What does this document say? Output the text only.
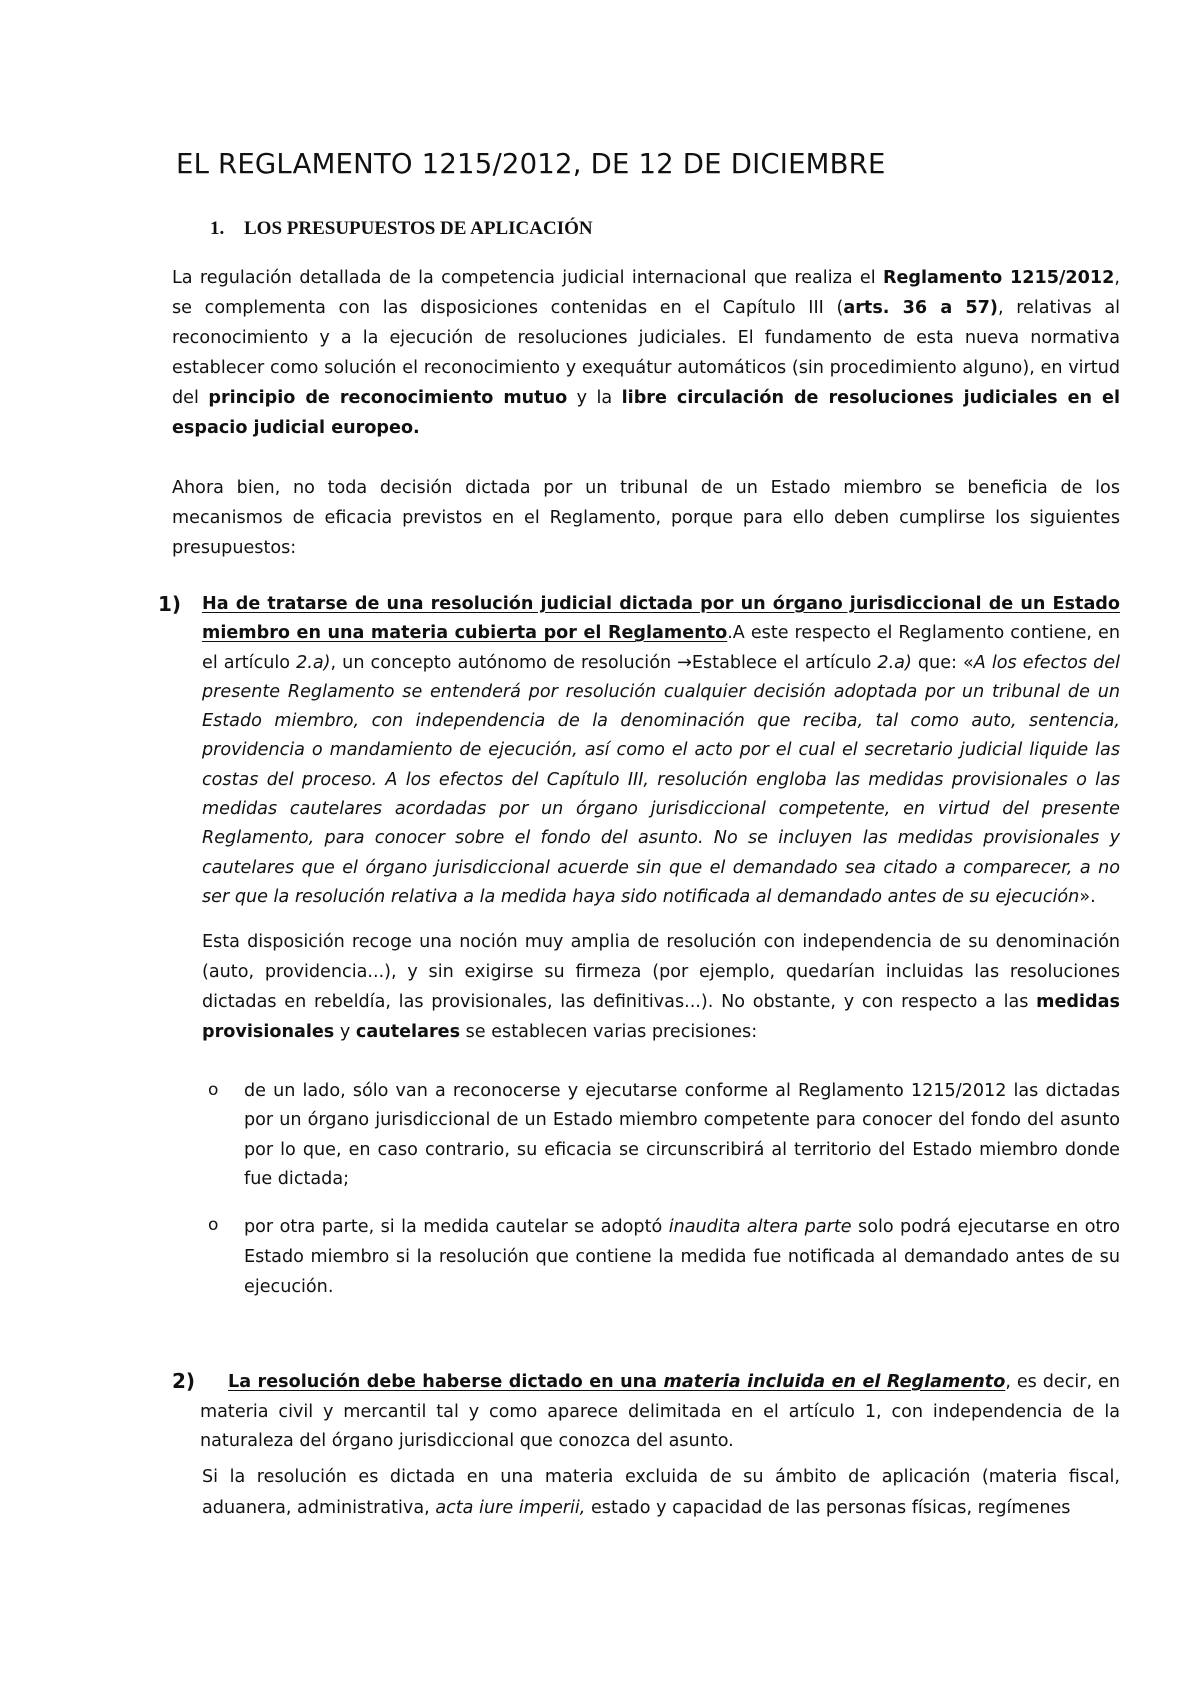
EL REGLAMENTO 1215/2012, DE 12 DE DICIEMBRE
1. LOS PRESUPUESTOS DE APLICACIÓN

La regulación detallada de la competencia judicial internacional que realiza el Reglamento 1215/2012, se complementa con las disposiciones contenidas en el Capítulo III (arts. 36 a 57), relativas al reconocimiento y a la ejecución de resoluciones judiciales. El fundamento de esta nueva normativa establecer como solución el reconocimiento y exequátur automáticos (sin procedimiento alguno), en virtud del principio de reconocimiento mutuo y la libre circulación de resoluciones judiciales en el espacio judicial europeo.

Ahora bien, no toda decisión dictada por un tribunal de un Estado miembro se beneficia de los mecanismos de eficacia previstos en el Reglamento, porque para ello deben cumplirse los siguientes presupuestos:

1) Ha de tratarse de una resolución judicial dictada por un órgano jurisdiccional de un Estado miembro en una materia cubierta por el Reglamento.A este respecto el Reglamento contiene, en el artículo 2.a), un concepto autónomo de resolución →Establece el artículo 2.a) que: «A los efectos del presente Reglamento se entenderá por resolución cualquier decisión adoptada por un tribunal de un Estado miembro, con independencia de la denominación que reciba, tal como auto, sentencia, providencia o mandamiento de ejecución, así como el acto por el cual el secretario judicial liquide las costas del proceso. A los efectos del Capítulo III, resolución engloba las medidas provisionales o las medidas cautelares acordadas por un órgano jurisdiccional competente, en virtud del presente Reglamento, para conocer sobre el fondo del asunto. No se incluyen las medidas provisionales y cautelares que el órgano jurisdiccional acuerde sin que el demandado sea citado a comparecer, a no ser que la resolución relativa a la medida haya sido notificada al demandado antes de su ejecución».

Esta disposición recoge una noción muy amplia de resolución con independencia de su denominación (auto, providencia...), y sin exigirse su firmeza (por ejemplo, quedarían incluidas las resoluciones dictadas en rebeldía, las provisionales, las definitivas...). No obstante, y con respecto a las medidas provisionales y cautelares se establecen varias precisiones:

o de un lado, sólo van a reconocerse y ejecutarse conforme al Reglamento 1215/2012 las dictadas por un órgano jurisdiccional de un Estado miembro competente para conocer del fondo del asunto por lo que, en caso contrario, su eficacia se circunscribirá al territorio del Estado miembro donde fue dictada;

o por otra parte, si la medida cautelar se adoptó inaudita altera parte solo podrá ejecutarse en otro Estado miembro si la resolución que contiene la medida fue notificada al demandado antes de su ejecución.

2)	La resolución debe haberse dictado en una materia incluida en el Reglamento, es decir, en materia civil y mercantil tal y como aparece delimitada en el artículo 1, con independencia de la naturaleza del órgano jurisdiccional que conozca del asunto.

Si la resolución es dictada en una materia excluida de su ámbito de aplicación (materia fiscal, aduanera, administrativa, acta iure imperii, estado y capacidad de las personas físicas, regímenes
